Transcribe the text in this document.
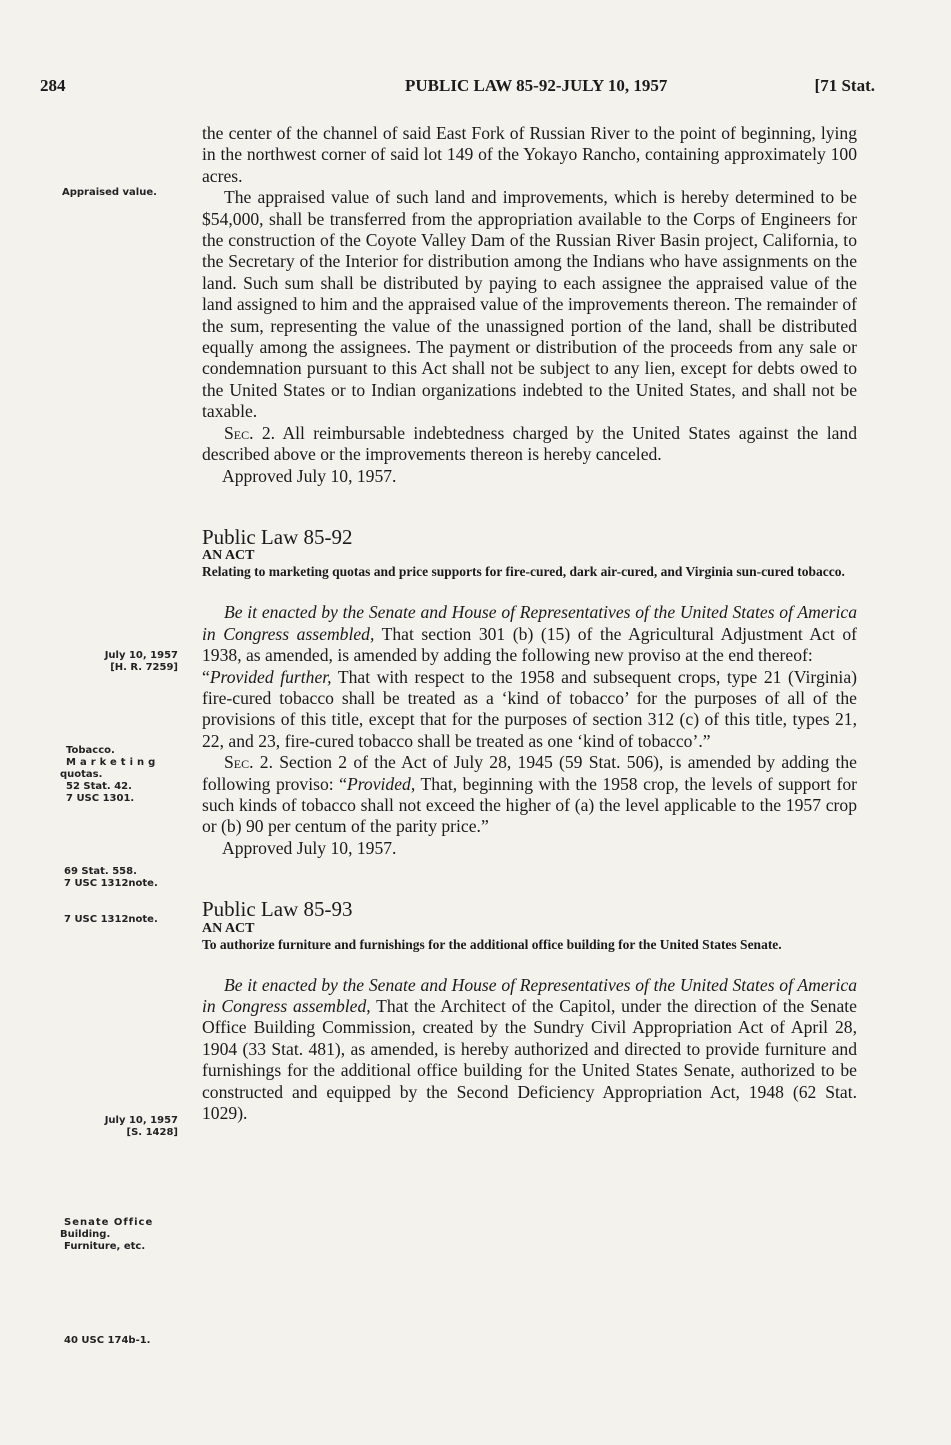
284	PUBLIC LAW 85-92-JULY 10, 1957	[71 Stat.
Appraised value.
July 10, 1957
[H. R. 7259]
Tobacco.
Marketing
quotas.
52 Stat. 42.
7 USC 1301.
69 Stat. 558.
7 USC 1312note.
7 USC 1312note.
July 10, 1957
[S. 1428]
Senate Office
Building.
Furniture, etc.
40 USC 174b-1.

the center of the channel of said East Fork of Russian River to the point of beginning, lying in the northwest corner of said lot 149 of the Yokayo Rancho, containing approximately 100 acres.

The appraised value of such land and improvements, which is hereby determined to be $54,000, shall be transferred from the appropriation available to the Corps of Engineers for the construction of the Coyote Valley Dam of the Russian River Basin project, California, to the Secretary of the Interior for distribution among the Indians who have assignments on the land. Such sum shall be distributed by paying to each assignee the appraised value of the land assigned to him and the appraised value of the improvements thereon. The remainder of the sum, representing the value of the unassigned portion of the land, shall be distributed equally among the assignees. The payment or distribution of the proceeds from any sale or condemnation pursuant to this Act shall not be subject to any lien, except for debts owed to the United States or to Indian organizations indebted to the United States, and shall not be taxable.

Sec. 2. All reimbursable indebtedness charged by the United States against the land described above or the improvements thereon is hereby canceled.

Approved July 10, 1957.

Public Law 85-92

AN ACT

Relating to marketing quotas and price supports for fire-cured, dark air-cured, and Virginia sun-cured tobacco.

Be it enacted by the Senate and House of Representatives of the United States of America in Congress assembled, That section 301 (b) (15) of the Agricultural Adjustment Act of 1938, as amended, is amended by adding the following new proviso at the end thereof:
“Provided further, That with respect to the 1958 and subsequent crops, type 21 (Virginia) fire-cured tobacco shall be treated as a ‘kind of tobacco’ for the purposes of all of the provisions of this title, except that for the purposes of section 312 (c) of this title, types 21, 22, and 23, fire-cured tobacco shall be treated as one ‘kind of tobacco’.”

Sec. 2. Section 2 of the Act of July 28, 1945 (59 Stat. 506), is amended by adding the following proviso: “Provided, That, beginning with the 1958 crop, the levels of support for such kinds of tobacco shall not exceed the higher of (a) the level applicable to the 1957 crop or (b) 90 per centum of the parity price.”

Approved July 10, 1957.

Public Law 85-93

AN ACT

To authorize furniture and furnishings for the additional office building for the United States Senate.

Be it enacted by the Senate and House of Representatives of the United States of America in Congress assembled, That the Architect of the Capitol, under the direction of the Senate Office Building Commission, created by the Sundry Civil Appropriation Act of April 28, 1904 (33 Stat. 481), as amended, is hereby authorized and directed to provide furniture and furnishings for the additional office building for the United States Senate, authorized to be constructed and equipped by the Second Deficiency Appropriation Act, 1948 (62 Stat. 1029).
